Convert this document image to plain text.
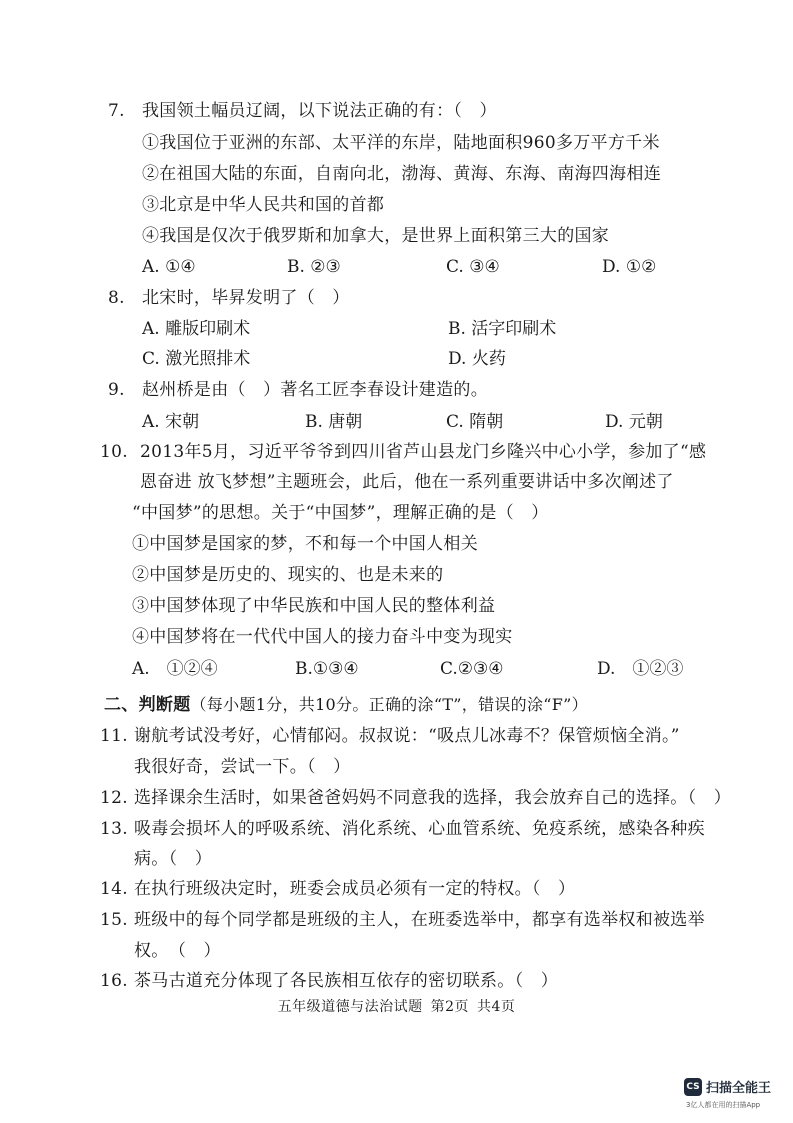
7. 我国领土幅员辽阔，以下说法正确的有：（　）
①我国位于亚洲的东部、太平洋的东岸，陆地面积960多万平方千米
②在祖国大陆的东面，自南向北，渤海、黄海、东海、南海四海相连
③北京是中华人民共和国的首都
④我国是仅次于俄罗斯和加拿大，是世界上面积第三大的国家
A. ①④	B. ②③	C. ③④	D. ①②
8. 北宋时，毕昇发明了（　）
A. 雕版印刷术	B. 活字印刷术
C. 激光照排术	D. 火药
9. 赵州桥是由（　）著名工匠李春设计建造的。
A. 宋朝	B. 唐朝	C. 隋朝	D. 元朝
10. 2013年5月，习近平爷爷到四川省芦山县龙门乡隆兴中心小学，参加了“感
恩奋进 放飞梦想”主题班会，此后，他在一系列重要讲话中多次阐述了
“中国梦”的思想。关于“中国梦”，理解正确的是（　）
①中国梦是国家的梦，不和每一个中国人相关
②中国梦是历史的、现实的、也是未来的
③中国梦体现了中华民族和中国人民的整体利益
④中国梦将在一代代中国人的接力奋斗中变为现实
A.　①②④	B.①③④	C.②③④	D.　①②③
二、判断题（每小题1分，共10分。正确的涂“T”，错误的涂“F”）
11. 谢航考试没考好，心情郁闷。叔叔说：“吸点儿冰毒不？保管烦恼全消。”
我很好奇，尝试一下。（　）
12. 选择课余生活时，如果爸爸妈妈不同意我的选择，我会放弃自己的选择。（　）
13. 吸毒会损坏人的呼吸系统、消化系统、心血管系统、免疫系统，感染各种疾
病。（　）
14. 在执行班级决定时，班委会成员必须有一定的特权。（　）
15. 班级中的每个同学都是班级的主人，在班委选举中，都享有选举权和被选举
权。　（　）
16. 茶马古道充分体现了各民族相互依存的密切联系。（　）
五年级道德与法治试题 第2页 共4页
CS 扫描全能王
3亿人都在用的扫描App
